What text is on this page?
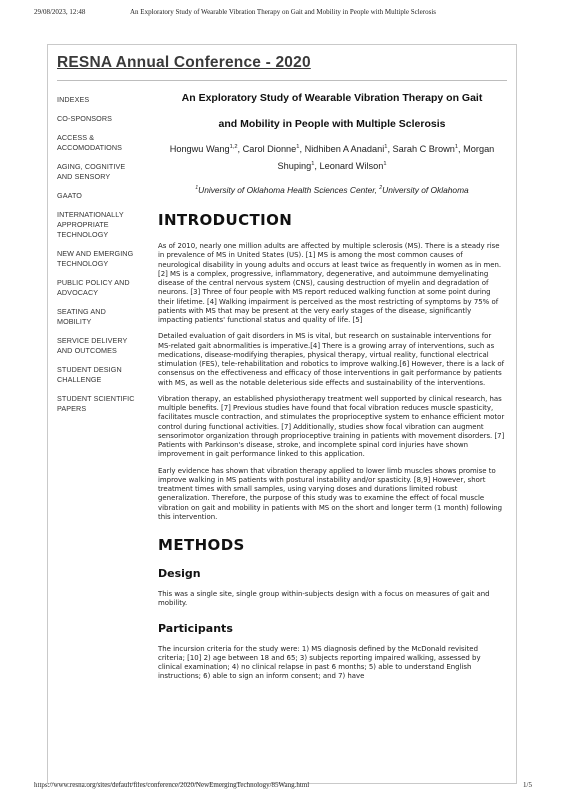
29/08/2023, 12:48	An Exploratory Study of Wearable Vibration Therapy on Gait and Mobility in People with Multiple Sclerosis
RESNA Annual Conference - 2020
INDEXES
CO-SPONSORS
ACCESS & ACCOMODATIONS
AGING, COGNITIVE AND SENSORY
GAATO
INTERNATIONALLY APPROPRIATE TECHNOLOGY
NEW AND EMERGING TECHNOLOGY
PUBLIC POLICY AND ADVOCACY
SEATING AND MOBILITY
SERVICE DELIVERY AND OUTCOMES
STUDENT DESIGN CHALLENGE
STUDENT SCIENTIFIC PAPERS
An Exploratory Study of Wearable Vibration Therapy on Gait
and Mobility in People with Multiple Sclerosis

Hongwu Wang$^{1,2}$, Carol Dionne$^1$, Nidhiben A Anadani$^1$, Sarah C Brown$^1$, Morgan Shuping$^1$, Leonard Wilson$^1$

$^1$University of Oklahoma Health Sciences Center, $^2$University of Oklahoma

INTRODUCTION

As of 2010, nearly one million adults are affected by multiple sclerosis (MS). There is a steady rise in prevalence of MS in United States (US). [1] MS is among the most common causes of neurological disability in young adults and occurs at least twice as frequently in women as in men. [2] MS is a complex, progressive, inflammatory, degenerative, and autoimmune demyelinating disease of the central nervous system (CNS), causing destruction of myelin and degradation of neurons. [3] Three of four people with MS report reduced walking function at some point during their lifetime. [4] Walking impairment is perceived as the most restricting of symptoms by 75% of patients with MS that may be present at the very early stages of the disease, significantly impacting patients' functional status and quality of life. [5]

Detailed evaluation of gait disorders in MS is vital, but research on sustainable interventions for MS-related gait abnormalities is imperative.[4] There is a growing array of interventions, such as medications, disease-modifying therapies, physical therapy, virtual reality, functional electrical stimulation (FES), tele-rehabilitation and robotics to improve walking.[6] However, there is a lack of consensus on the effectiveness and efficacy of those interventions in gait performance by patients with MS, as well as the notable deleterious side effects and sustainability of the interventions.

Vibration therapy, an established physiotherapy treatment well supported by clinical research, has multiple benefits. [7] Previous studies have found that focal vibration reduces muscle spasticity, facilitates muscle contraction, and stimulates the proprioceptive system to enhance efficient motor control during functional activities. [7] Additionally, studies show focal vibration can augment sensorimotor organization through proprioceptive training in patients with movement disorders. [7] Patients with Parkinson's disease, stroke, and incomplete spinal cord injuries have shown improvement in gait performance linked to this application.

Early evidence has shown that vibration therapy applied to lower limb muscles shows promise to improve walking in MS patients with postural instability and/or spasticity. [8,9] However, short treatment times with small samples, using varying doses and durations limited robust generalization. Therefore, the purpose of this study was to examine the effect of focal muscle vibration on gait and mobility in patients with MS on the short and longer term (1 month) following this intervention.

METHODS
Design

This was a single site, single group within-subjects design with a focus on measures of gait and mobility.

Participants

The incursion criteria for the study were: 1) MS diagnosis defined by the McDonald revisited criteria; [10] 2) age between 18 and 65; 3) subjects reporting impaired walking, assessed by clinical examination; 4) no clinical relapse in past 6 months; 5) able to understand English instructions; 6) able to sign an inform consent; and 7) have

https://www.resna.org/sites/default/files/conference/2020/NewEmergingTechnology/85Wang.html	1/5
